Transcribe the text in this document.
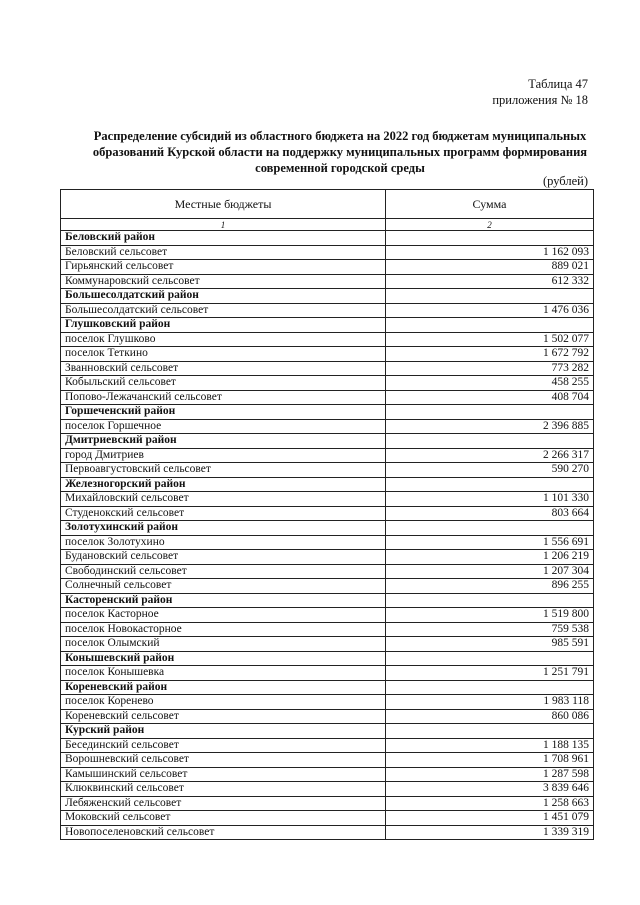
Таблица 47
приложения № 18
Распределение субсидий из областного бюджета на 2022 год бюджетам муниципальных
образований Курской области на поддержку муниципальных программ формирования
современной городской среды
(рублей)
Местные бюджеты	Сумма
1	2
Беловский район	
Беловский сельсовет	1 162 093
Гирьянский сельсовет	889 021
Коммунаровский сельсовет	612 332
Большесолдатский район	
Большесолдатский сельсовет	1 476 036
Глушковский район	
поселок Глушково	1 502 077
поселок Теткино	1 672 792
Званновский сельсовет	773 282
Кобыльский сельсовет	458 255
Попово-Лежачанский сельсовет	408 704
Горшеченский район	
поселок Горшечное	2 396 885
Дмитриевский район	
город Дмитриев	2 266 317
Первоавгустовский сельсовет	590 270
Железногорский район	
Михайловский сельсовет	1 101 330
Студенокский сельсовет	803 664
Золотухинский район	
поселок Золотухино	1 556 691
Будановский сельсовет	1 206 219
Свободинский сельсовет	1 207 304
Солнечный сельсовет	896 255
Касторенский район	
поселок Касторное	1 519 800
поселок Новокасторное	759 538
поселок Олымский	985 591
Конышевский район	
поселок Конышевка	1 251 791
Кореневский район	
поселок Коренево	1 983 118
Кореневский сельсовет	860 086
Курский район	
Бесединский сельсовет	1 188 135
Ворошневский сельсовет	1 708 961
Камышинский сельсовет	1 287 598
Клюквинский сельсовет	3 839 646
Лебяженский сельсовет	1 258 663
Моковский сельсовет	1 451 079
Новопоселеновский сельсовет	1 339 319
